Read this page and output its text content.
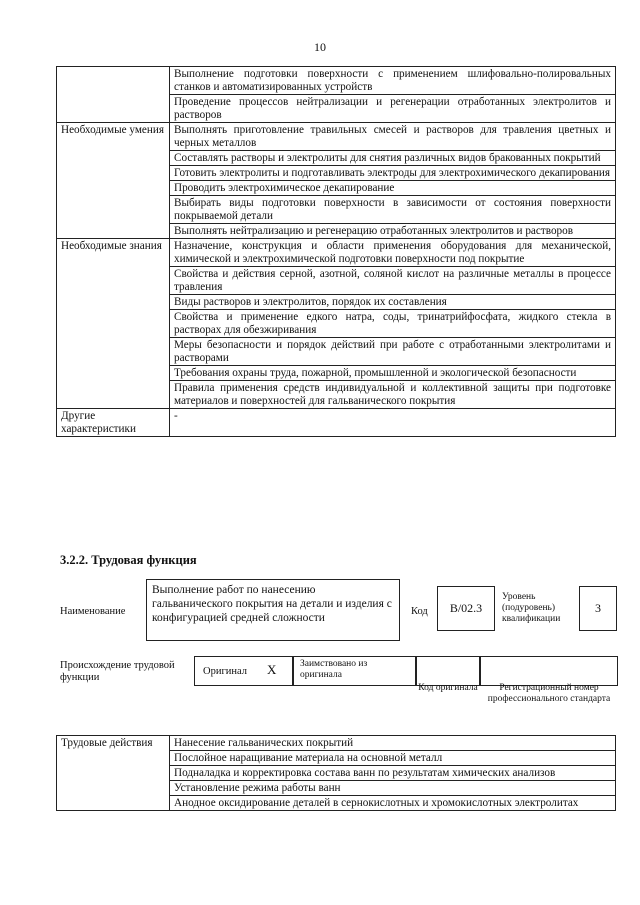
10
	Выполнение подготовки поверхности с применением шлифовально-полировальных станков и автоматизированных устройств
	Проведение процессов нейтрализации и регенерации отработанных электролитов и растворов
Необходимые умения	Выполнять приготовление травильных смесей и растворов для травления цветных и черных металлов
	Составлять растворы и электролиты для снятия различных видов бракованных покрытий
	Готовить электролиты и подготавливать электроды для электрохимического декапирования
	Проводить электрохимическое декапирование
	Выбирать виды подготовки поверхности в зависимости от состояния поверхности покрываемой детали
	Выполнять нейтрализацию и регенерацию отработанных электролитов и растворов
Необходимые знания	Назначение, конструкция и области применения оборудования для механической, химической и электрохимической подготовки поверхности под покрытие
	Свойства и действия серной, азотной, соляной кислот на различные металлы в процессе травления
	Виды растворов и электролитов, порядок их составления
	Свойства и применение едкого натра, соды, тринатрийфосфата, жидкого стекла в растворах для обезжиривания
	Меры безопасности и порядок действий при работе с отработанными электролитами и растворами
	Требования охраны труда, пожарной, промышленной и экологической безопасности
	Правила применения средств индивидуальной и коллективной защиты при подготовке материалов и поверхностей для гальванического покрытия
Другие характеристики	-
3.2.2. Трудовая функция
Наименование
Выполнение работ по нанесению гальванического покрытия на детали и изделия с конфигурацией средней сложности
Код B/02.3
Уровень (подуровень) квалификации
3
Происхождение трудовой функции
Оригинал X Заимствовано из оригинала
Код оригинала	Регистрационный номер профессионального стандарта
Трудовые действия	Нанесение гальванических покрытий
Послойное наращивание материала на основной металл
Подналадка и корректировка состава ванн по результатам химических анализов
Установление режима работы ванн
Анодное оксидирование деталей в сернокислотных и хромокислотных электролитах
